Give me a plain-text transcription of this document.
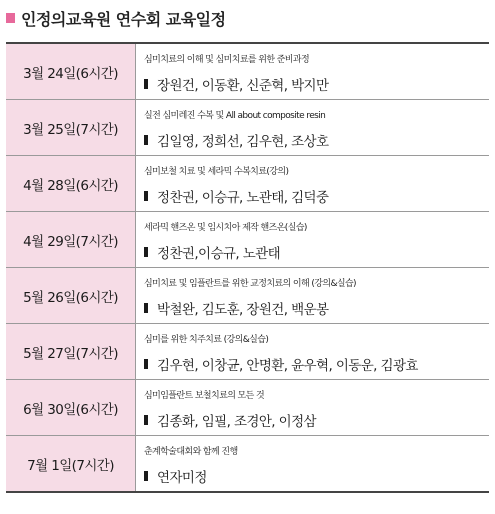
인정의교육원 연수회 교육일정
3월 24일(6시간)
심미치료의 이해 및 심미치료를 위한 준비과정
장원건, 이동환, 신준혁, 박지만
3월 25일(7시간)
실전 심미레진 수복 및 All about composite resin
김일영, 정희선, 김우현, 조상호
4월 28일(6시간)
심미보철 치료 및 세라믹 수복치료(강의)
정찬권, 이승규, 노관태, 김덕중
4월 29일(7시간)
세라믹 핸즈온 및 임시치아 제작 핸즈온(실습)
정찬권,이승규, 노관태
5월 26일(6시간)
심미치료 및 임플란트를 위한 교정치료의 이해 (강의&실습)
박철완, 김도훈, 장원건, 백운봉
5월 27일(7시간)
심미를 위한 치주치료 (강의&실습)
김우현, 이창균, 안명환, 윤우혁, 이동운, 김광효
6월 30일(6시간)
심미임플란트 보철치료의 모든 것
김종화, 임필, 조경안, 이정삼
7월 1일(7시간)
춘계학술대회와 함께 진행
연자미정
